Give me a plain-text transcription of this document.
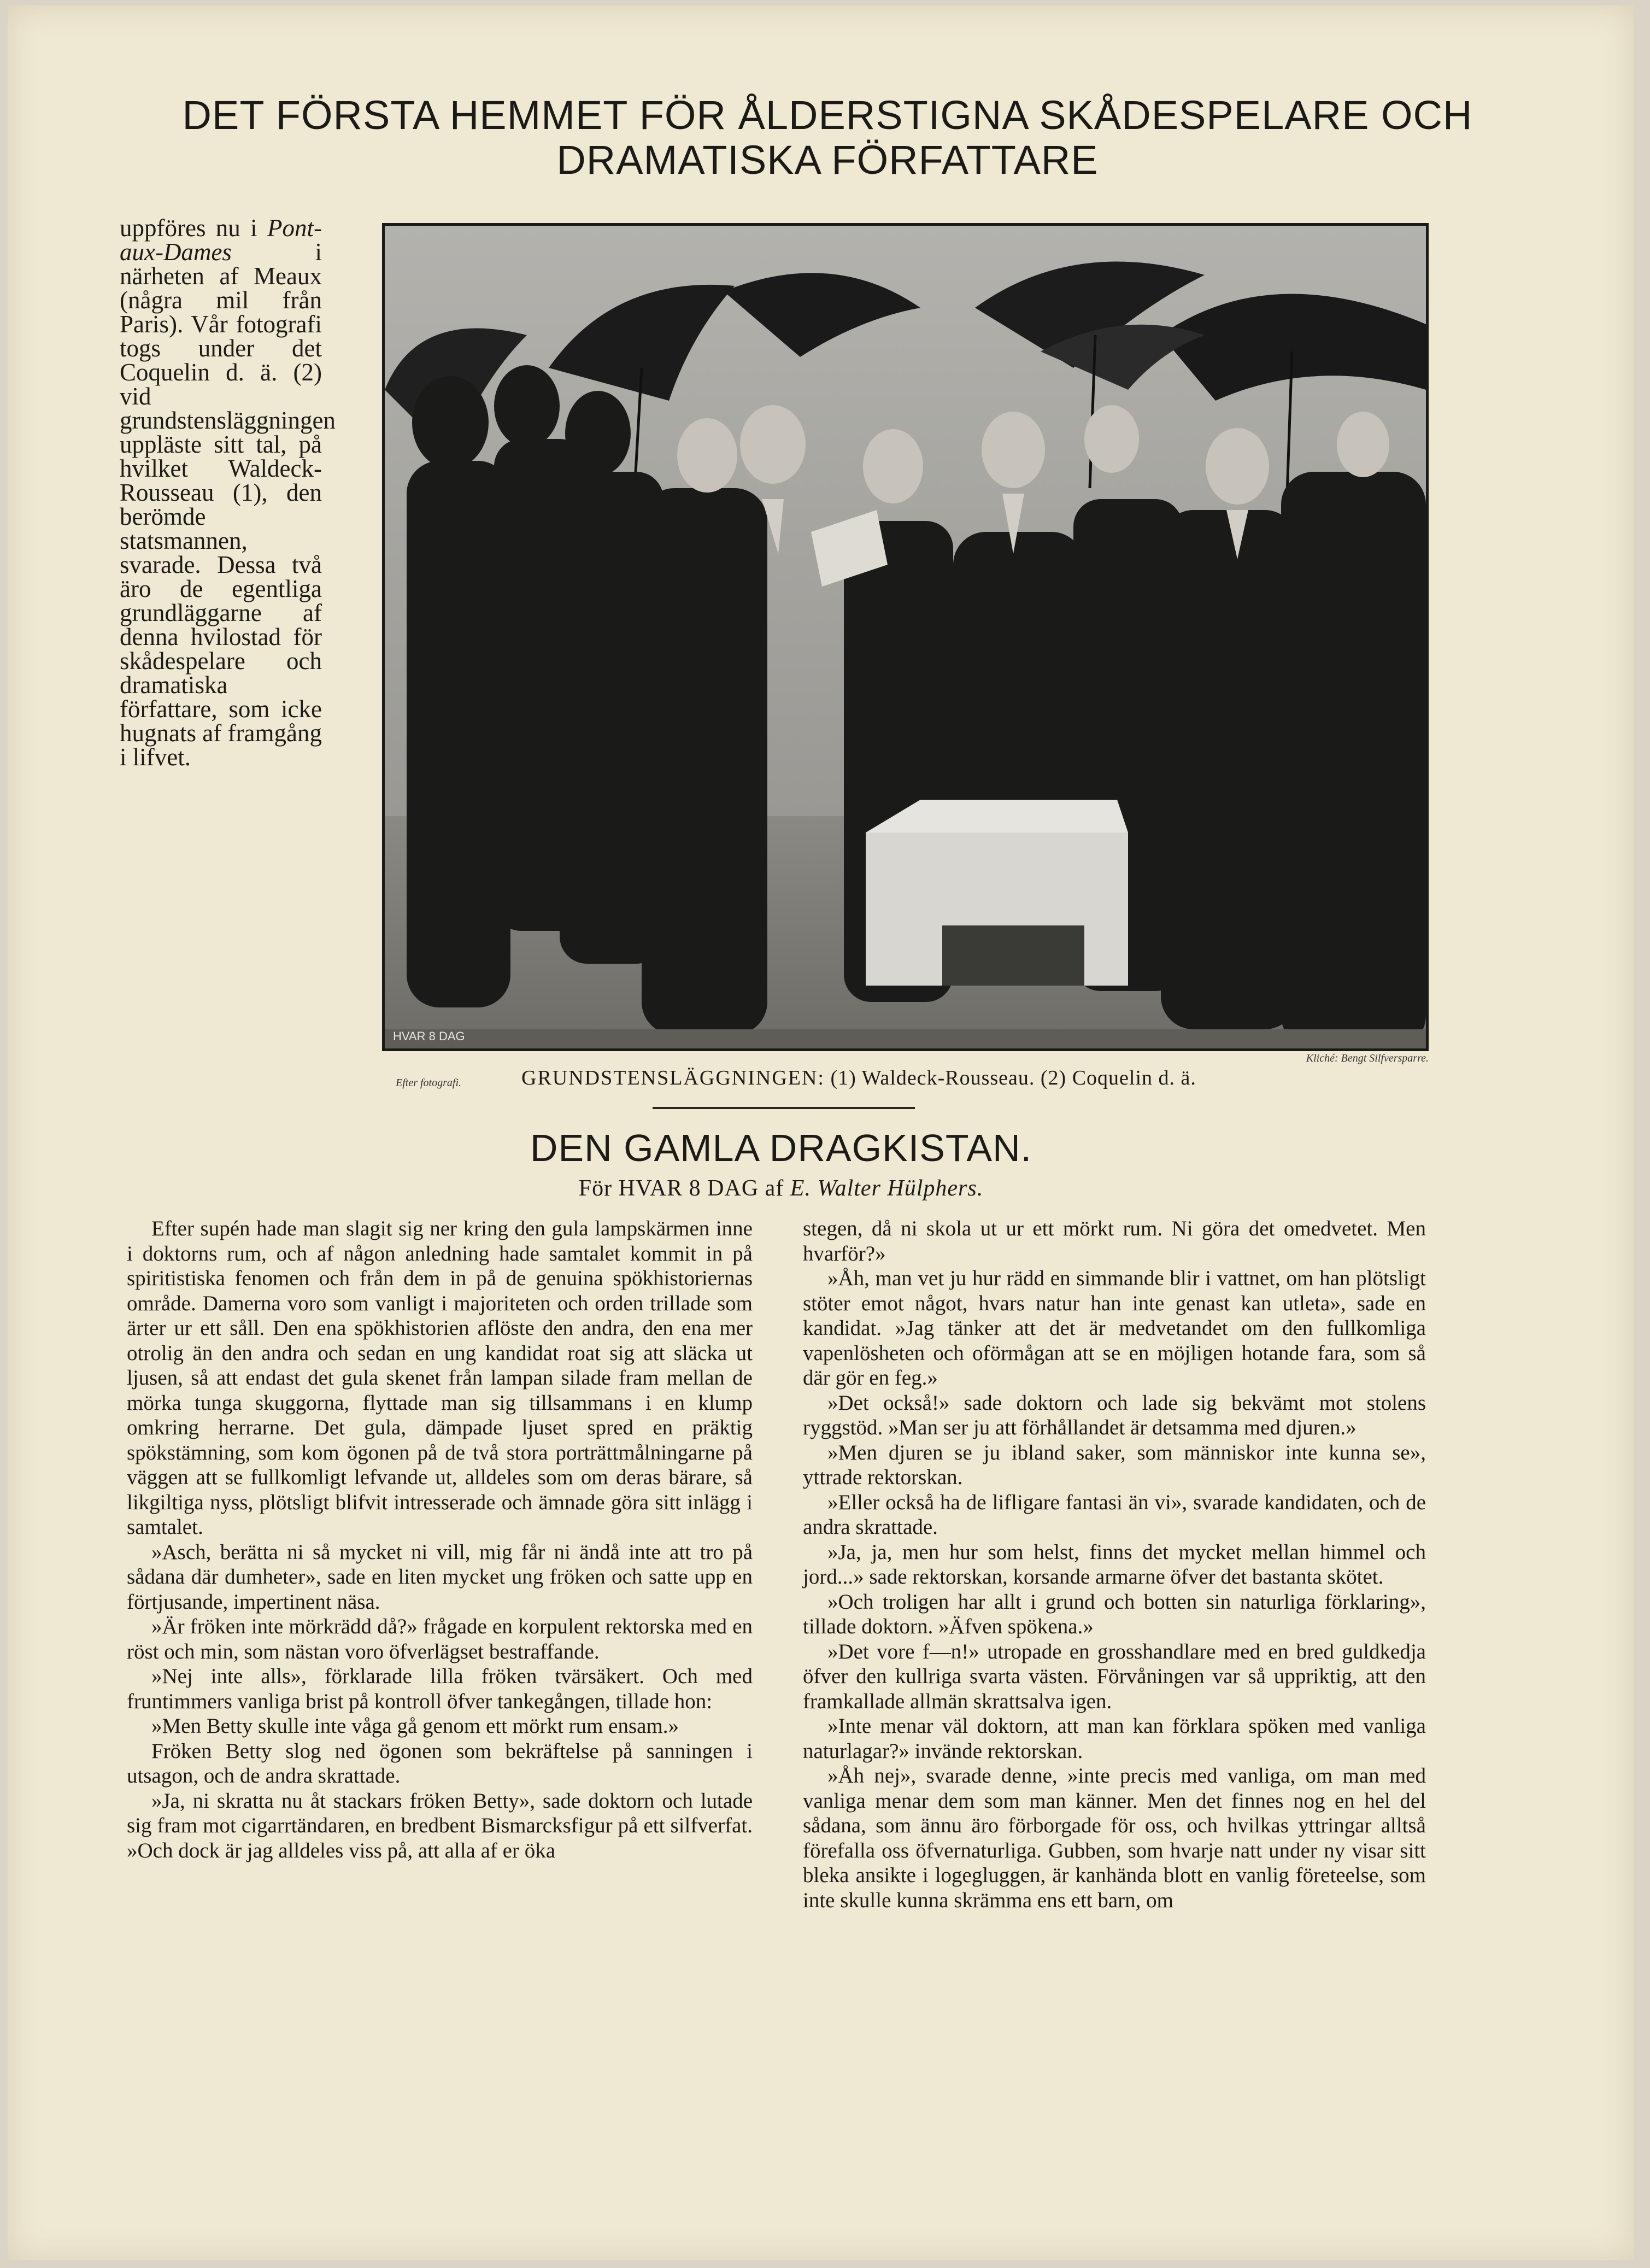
DET FÖRSTA HEMMET FÖR ÅLDERSTIGNA SKÅDESPELARE OCH DRAMATISKA FÖRFATTARE
uppföres nu i Pont-aux-Dames i närheten af Meaux (några mil från Paris). Vår fotografi togs under det Coquelin d. ä. (2) vid grundstensläggningen uppläste sitt tal, på hvilket Waldeck-Rousseau (1), den berömde statsmannen, svarade. Dessa två äro de egentliga grundläggarne af denna hvilostad för skådespelare och dramatiska författare, som icke hugnats af framgång i lifvet.
HVAR 8 DAG
Kliché: Bengt Silfversparre.
Efter fotografi.	GRUNDSTENSLÄGGNINGEN: (1) Waldeck-Rousseau. (2) Coquelin d. ä.
DEN GAMLA DRAGKISTAN.
För HVAR 8 DAG af E. Walter Hülphers.

Efter supén hade man slagit sig ner kring den gula lampskärmen inne i doktorns rum, och af någon anledning hade samtalet kommit in på spiritistiska fenomen och från dem in på de genuina spökhistoriernas område. Damerna voro som vanligt i majoriteten och orden trillade som ärter ur ett såll. Den ena spökhistorien aflöste den andra, den ena mer otrolig än den andra och sedan en ung kandidat roat sig att släcka ut ljusen, så att endast det gula skenet från lampan silade fram mellan de mörka tunga skuggorna, flyttade man sig tillsammans i en klump omkring herrarne. Det gula, dämpade ljuset spred en präktig spökstämning, som kom ögonen på de två stora porträttmålningarne på väggen att se fullkomligt lefvande ut, alldeles som om deras bärare, så likgiltiga nyss, plötsligt blifvit intresserade och ämnade göra sitt inlägg i samtalet.

»Asch, berätta ni så mycket ni vill, mig får ni ändå inte att tro på sådana där dumheter», sade en liten mycket ung fröken och satte upp en förtjusande, impertinent näsa.

»Är fröken inte mörkrädd då?» frågade en korpulent rektorska med en röst och min, som nästan voro öfverlägset bestraffande.

»Nej inte alls», förklarade lilla fröken tvärsäkert. Och med fruntimmers vanliga brist på kontroll öfver tankegången, tillade hon:

»Men Betty skulle inte våga gå genom ett mörkt rum ensam.»

Fröken Betty slog ned ögonen som bekräftelse på sanningen i utsagon, och de andra skrattade.

»Ja, ni skratta nu åt stackars fröken Betty», sade doktorn och lutade sig fram mot cigarrtändaren, en bredbent Bismarcksfigur på ett silfverfat. »Och dock är jag alldeles viss på, att alla af er öka

stegen, då ni skola ut ur ett mörkt rum. Ni göra det omedvetet. Men hvarför?»

»Åh, man vet ju hur rädd en simmande blir i vattnet, om han plötsligt stöter emot något, hvars natur han inte genast kan utleta», sade en kandidat. »Jag tänker att det är medvetandet om den fullkomliga vapenlösheten och oförmågan att se en möjligen hotande fara, som så där gör en feg.»

»Det också!» sade doktorn och lade sig bekvämt mot stolens ryggstöd. »Man ser ju att förhållandet är detsamma med djuren.»

»Men djuren se ju ibland saker, som människor inte kunna se», yttrade rektorskan.

»Eller också ha de lifligare fantasi än vi», svarade kandidaten, och de andra skrattade.

»Ja, ja, men hur som helst, finns det mycket mellan himmel och jord...» sade rektorskan, korsande armarne öfver det bastanta skötet.

»Och troligen har allt i grund och botten sin naturliga förklaring», tillade doktorn. »Äfven spökena.»

»Det vore f—n!» utropade en grosshandlare med en bred guldkedja öfver den kullriga svarta västen. Förvåningen var så uppriktig, att den framkallade allmän skrattsalva igen.

»Inte menar väl doktorn, att man kan förklara spöken med vanliga naturlagar?» invände rektorskan.

»Åh nej», svarade denne, »inte precis med vanliga, om man med vanliga menar dem som man känner. Men det finnes nog en hel del sådana, som ännu äro förborgade för oss, och hvilkas yttringar alltså förefalla oss öfvernaturliga. Gubben, som hvarje natt under ny visar sitt bleka ansikte i logegluggen, är kanhända blott en vanlig företeelse, som inte skulle kunna skrämma ens ett barn, om
